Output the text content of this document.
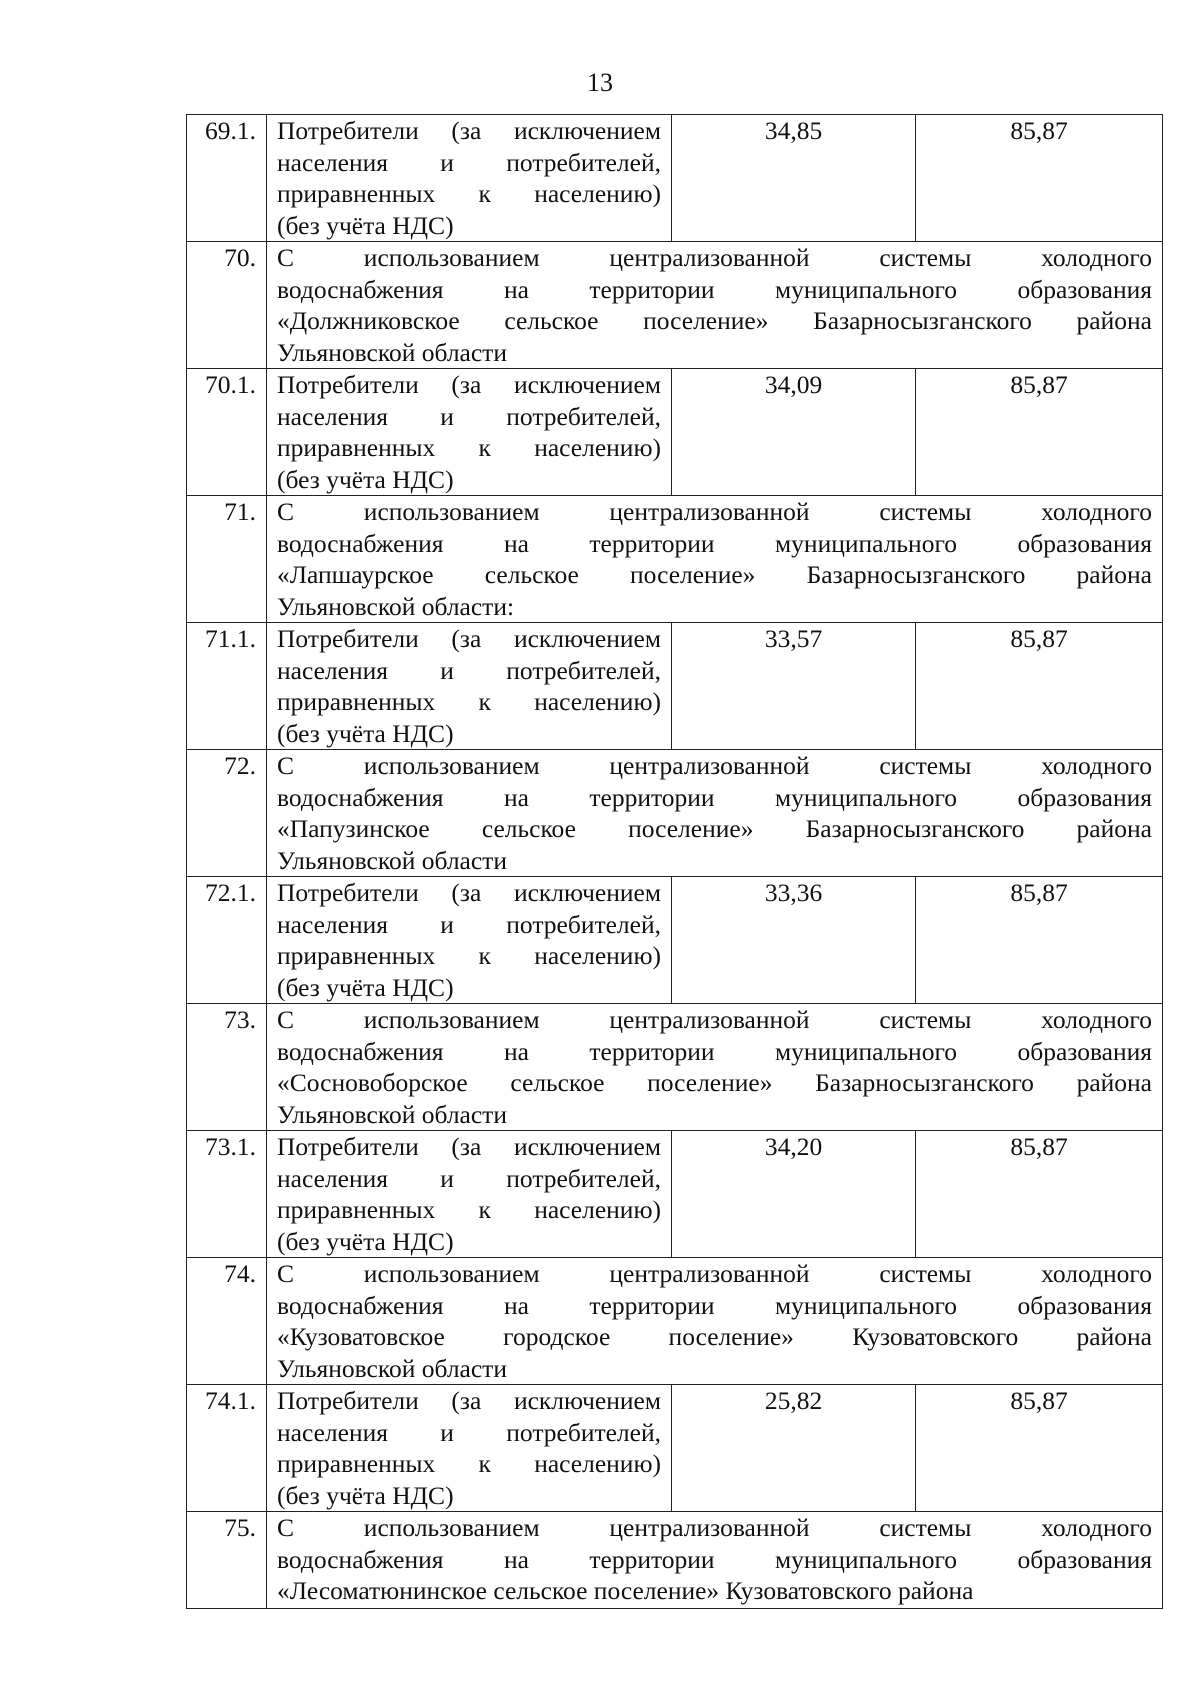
13
69.1.	Потребители (за исключением
населения и потребителей,
приравненных к населению)
(без учёта НДС)	34,85	85,87
70.	С использованием централизованной системы холодного
водоснабжения на территории муниципального образования
«Должниковское сельское поселение» Базарносызганского района
Ульяновской области		

70.1.	Потребители (за исключением
населения и потребителей,
приравненных к населению)
(без учёта НДС)	34,09	85,87
71.	С использованием централизованной системы холодного
водоснабжения на территории муниципального образования
«Лапшаурское сельское поселение» Базарносызганского района
Ульяновской области:		

71.1.	Потребители (за исключением
населения и потребителей,
приравненных к населению)
(без учёта НДС)	33,57	85,87
72.	С использованием централизованной системы холодного
водоснабжения на территории муниципального образования
«Папузинское сельское поселение» Базарносызганского района
Ульяновской области		

72.1.	Потребители (за исключением
населения и потребителей,
приравненных к населению)
(без учёта НДС)	33,36	85,87
73.	С использованием централизованной системы холодного
водоснабжения на территории муниципального образования
«Сосновоборское сельское поселение» Базарносызганского района
Ульяновской области		

73.1.	Потребители (за исключением
населения и потребителей,
приравненных к населению)
(без учёта НДС)	34,20	85,87
74.	С использованием централизованной системы холодного
водоснабжения на территории муниципального образования
«Кузоватовское городское поселение» Кузоватовского района
Ульяновской области		

74.1.	Потребители (за исключением
населения и потребителей,
приравненных к населению)
(без учёта НДС)	25,82	85,87
75.	С использованием централизованной системы холодного
водоснабжения на территории муниципального образования
«Лесоматюнинское сельское поселение» Кузоватовского района		
